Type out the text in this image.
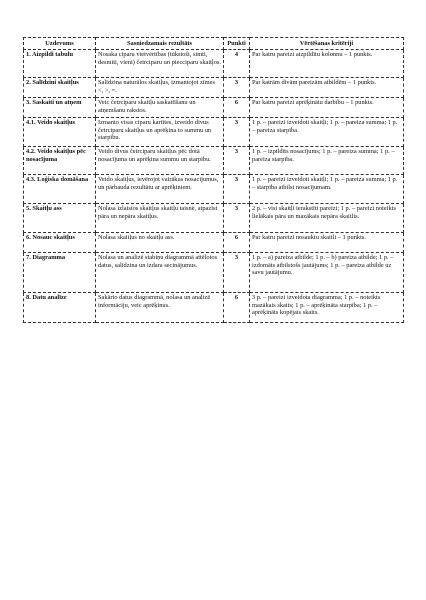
Uzdevums	Sasniedzamais rezultāts	Punkti	Vērtēšanas kritēriji
1. Aizpildi tabulu	Nosaka ciparu vietvērtības (tūkstoši, simti, desmiti, vieni) četrciparu un piecciparu skaitļos.	4	Par katru pareizi aizpildītu kolonnu – 1 punkts.
2. Salīdzini skaitļus	Salīdzina naturālos skaitļus, izmantojot zīmes <, >, =.	3	Par katrām divām pareizām atbildēm – 1 punkts.
3. Saskaiti un atņem	Veic četrciparu skaitļu saskaitīšanu un atņemšanu rakstos.	6	Par katru pareizi aprēķinātu darbību – 1 punkts.
4.1. Veido skaitļus	Izmanto visas ciparu kartītes, izveido divus četrciparu skaitļus un aprēķina to summu un starpību.	3	1 p. – pareizi izveidoti skaitļi; 1 p. – pareiza summa; 1 p. – pareiza starpība.
4.2. Veido skaitļus pēc nosacījuma	Veido divus četrciparu skaitļus pēc dotā nosacījuma un aprēķina summu un starpību.	3	1 p. – izpildīts nosacījums; 1 p. – pareiza summa; 1 p. – pareiza starpība.
4.3. Loģiska domāšana	Veido skaitļus, ievērojot vairākus nosacījumus, un pārbauda rezultātu ar aprēķiniem.	3	1 p. – pareizi izveidoti skaitļi; 1 p. – pareiza summa; 1 p. – starpība atbilst nosacījumam.
5. Skaitļu ass	Nolasa izlaistos skaitļus skaitļu taisnē, atpazīst pāra un nepāra skaitļus.	3	2 p. – visi skaitļi ierakstīti pareizi; 1 p. – pareizi noteikts lielākais pāra un mazākais nepāra skaitlis.
6. Nosauc skaitļus	Nolasa skaitļus no skaitļu ass.	6	Par katru pareizi nosauktu skaitli – 1 punkts.
7. Diagramma	Nolasa un analizē stabiņu diagrammā attēlotos datus, salīdzina un izdara secinājumus.	3	1 p. – a) pareiza atbilde; 1 p. – b) pareiza atbilde; 1 p. – izdomāts atbilstošs jautājums; 1 p. – pareiza atbilde uz savu jautājumu.
8. Datu analīze	Sakārto datus diagrammā, nolasa un analizē informāciju, veic aprēķinus.	6	3 p. – pareizi izveidota diagramma; 1 p. – noteikts mazākais skaits; 1 p. – aprēķināta starpība; 1 p. – aprēķināts kopējais skaits.
